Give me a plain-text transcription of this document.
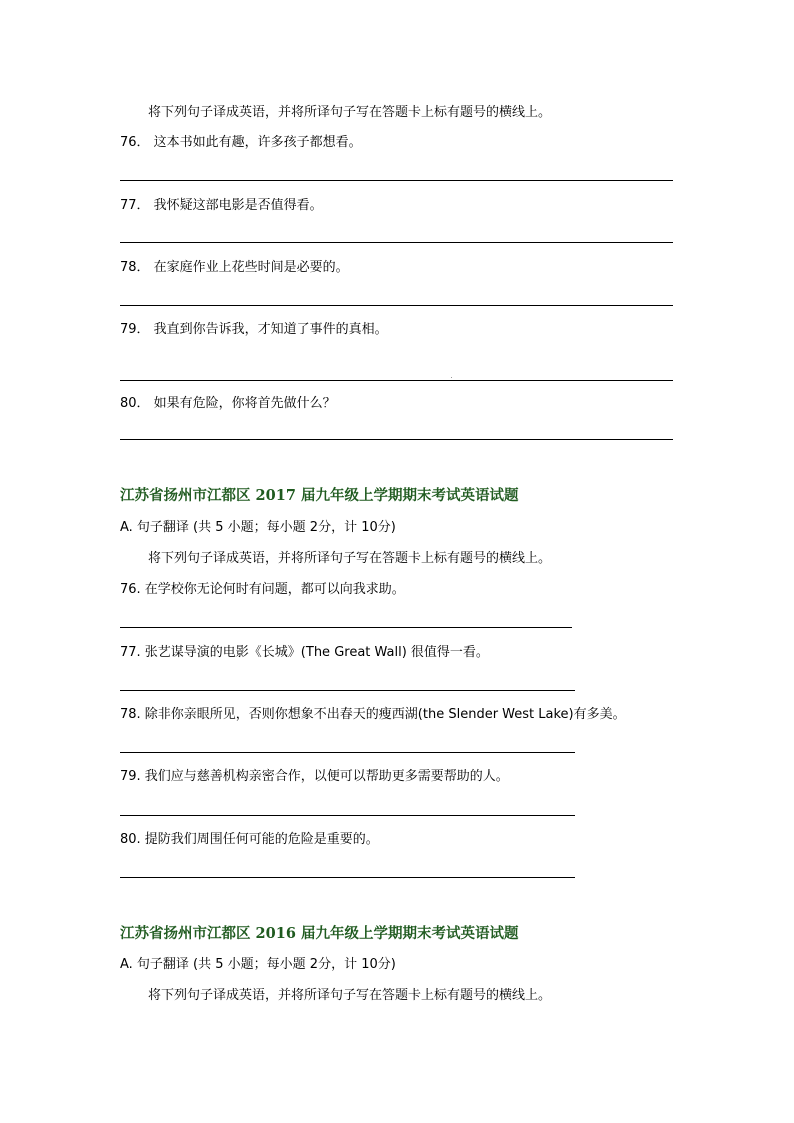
将下列句子译成英语，并将所译句子写在答题卡上标有题号的横线上。
76． 这本书如此有趣，许多孩子都想看。
77． 我怀疑这部电影是否值得看。
78． 在家庭作业上花些时间是必要的。
79． 我直到你告诉我，才知道了事件的真相。
80． 如果有危险，你将首先做什么？
江苏省扬州市江都区 2017 届九年级上学期期末考试英语试题
A. 句子翻译 (共 5 小题；每小题 2分，计 10分)
将下列句子译成英语，并将所译句子写在答题卡上标有题号的横线上。
76. 在学校你无论何时有问题，都可以向我求助。
77. 张艺谋导演的电影《长城》(The Great Wall) 很值得一看。
78. 除非你亲眼所见，否则你想象不出春天的瘦西湖(the Slender West Lake)有多美。
79. 我们应与慈善机构亲密合作，以便可以帮助更多需要帮助的人。
80. 提防我们周围任何可能的危险是重要的。
江苏省扬州市江都区 2016 届九年级上学期期末考试英语试题
A. 句子翻译 (共 5 小题；每小题 2分，计 10分)
将下列句子译成英语，并将所译句子写在答题卡上标有题号的横线上。
